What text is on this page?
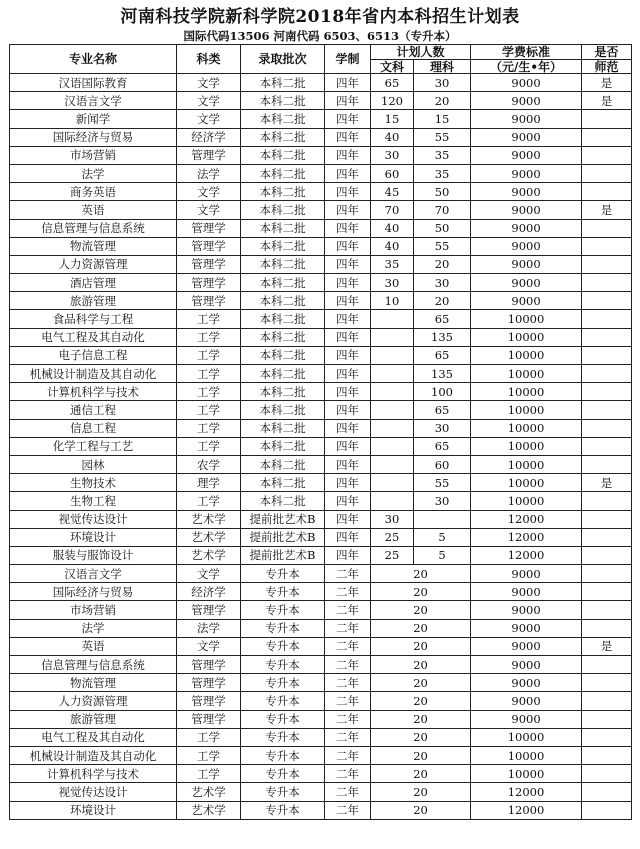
河南科技学院新科学院2018年省内本科招生计划表
国际代码13506 河南代码 6503、6513（专升本）
专业名称	科类	录取批次	学制	计划人数		学费标准	是否
				文科	理科	（元/生•年）	师范
汉语国际教育	文学	本科二批	四年	65	30	9000	是
汉语言文学	文学	本科二批	四年	120	20	9000	是
新闻学	文学	本科二批	四年	15	15	9000	
国际经济与贸易	经济学	本科二批	四年	40	55	9000	
市场营销	管理学	本科二批	四年	30	35	9000	
法学	法学	本科二批	四年	60	35	9000	
商务英语	文学	本科二批	四年	45	50	9000	
英语	文学	本科二批	四年	70	70	9000	是
信息管理与信息系统	管理学	本科二批	四年	40	50	9000	
物流管理	管理学	本科二批	四年	40	55	9000	
人力资源管理	管理学	本科二批	四年	35	20	9000	
酒店管理	管理学	本科二批	四年	30	30	9000	
旅游管理	管理学	本科二批	四年	10	20	9000	
食品科学与工程	工学	本科二批	四年		65	10000	
电气工程及其自动化	工学	本科二批	四年		135	10000	
电子信息工程	工学	本科二批	四年		65	10000	
机械设计制造及其自动化	工学	本科二批	四年		135	10000	
计算机科学与技术	工学	本科二批	四年		100	10000	
通信工程	工学	本科二批	四年		65	10000	
信息工程	工学	本科二批	四年		30	10000	
化学工程与工艺	工学	本科二批	四年		65	10000	
园林	农学	本科二批	四年		60	10000	
生物技术	理学	本科二批	四年		55	10000	是
生物工程	工学	本科二批	四年		30	10000	
视觉传达设计	艺术学	提前批艺术B	四年	30		12000	
环境设计	艺术学	提前批艺术B	四年	25	5	12000	
服装与服饰设计	艺术学	提前批艺术B	四年	25	5	12000	
汉语言文学	文学	专升本	二年	20		9000	
国际经济与贸易	经济学	专升本	二年	20		9000	
市场营销	管理学	专升本	二年	20		9000	
法学	法学	专升本	二年	20		9000	
英语	文学	专升本	二年	20		9000	是
信息管理与信息系统	管理学	专升本	二年	20		9000	
物流管理	管理学	专升本	二年	20		9000	
人力资源管理	管理学	专升本	二年	20		9000	
旅游管理	管理学	专升本	二年	20		9000	
电气工程及其自动化	工学	专升本	二年	20		10000	
机械设计制造及其自动化	工学	专升本	二年	20		10000	
计算机科学与技术	工学	专升本	二年	20		10000	
视觉传达设计	艺术学	专升本	二年	20		12000	
环境设计	艺术学	专升本	二年	20		12000	
